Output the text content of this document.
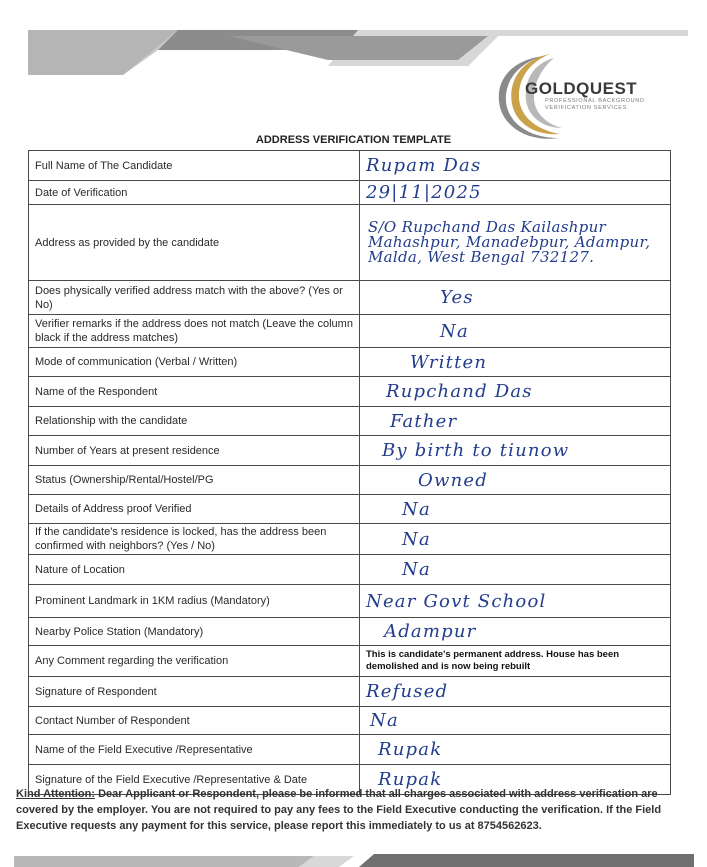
GOLDQUEST
PROFESSIONAL BACKGROUND VERIFICATION SERVICES
ADDRESS VERIFICATION TEMPLATE
Full Name of The Candidate	Rupam Das
Date of Verification	29|11|2025
Address as provided by the candidate	S/O Rupchand Das Kailashpur Mahashpur, Manadebpur, Adampur, Malda, West Bengal 732127.
Does physically verified address match with the above? (Yes or No)	Yes
Verifier remarks if the address does not match (Leave the column black if the address matches)	Na
Mode of communication (Verbal / Written)	Written
Name of the Respondent	Rupchand Das
Relationship with the candidate	Father
Number of Years at present residence	By birth to tiunow
Status (Ownership/Rental/Hostel/PG	Owned
Details of Address proof Verified	Na
If the candidate's residence is locked, has the address been confirmed with neighbors? (Yes / No)	Na
Nature of Location	Na
Prominent Landmark in 1KM radius (Mandatory)	Near Govt School
Nearby Police Station (Mandatory)	Adampur
Any Comment regarding the verification	This is candidate's permanent address. House has been demolished and is now being rebuilt
Signature of Respondent	Refused
Contact Number of Respondent	Na
Name of the Field Executive /Representative	Rupak
Signature of the Field Executive /Representative & Date	Rupak
Kind Attention: Dear Applicant or Respondent, please be informed that all charges associated with address verification are covered by the employer. You are not required to pay any fees to the Field Executive conducting the verification. If the Field Executive requests any payment for this service, please report this immediately to us at 8754562623.
